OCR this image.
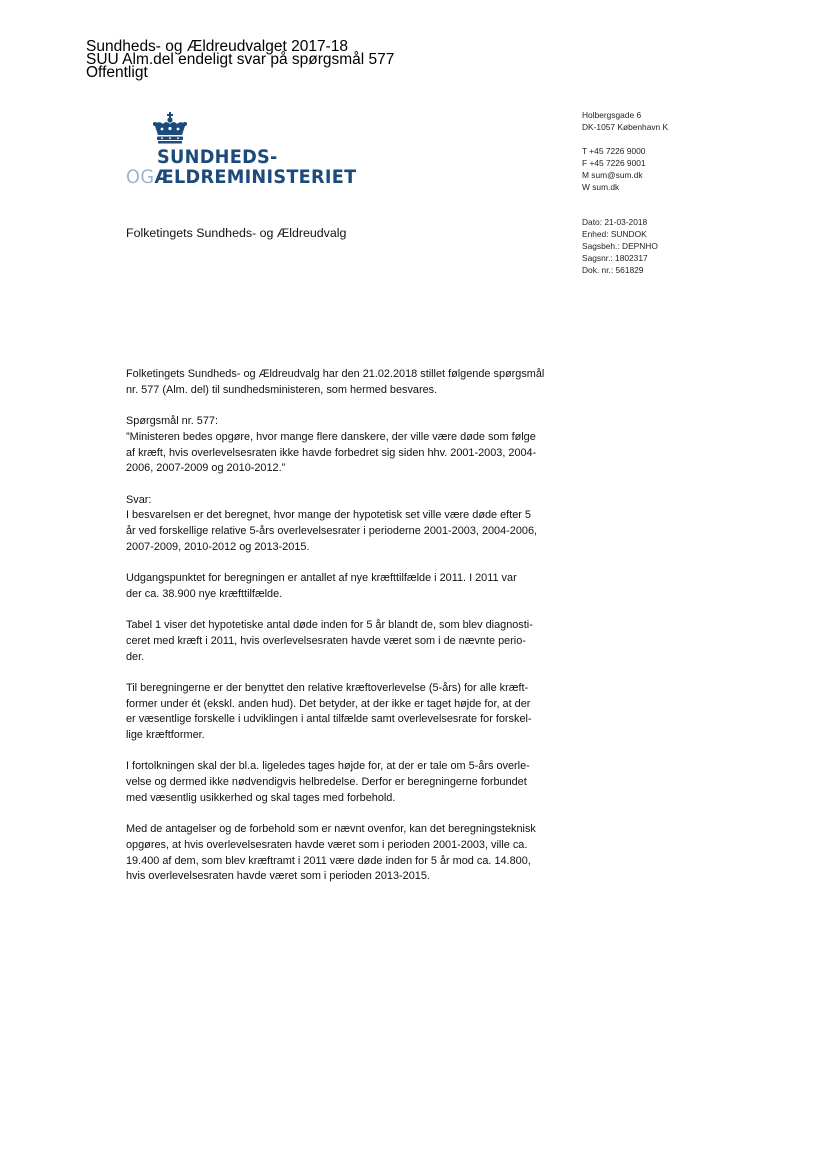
Sundheds- og Ældreudvalget 2017-18
SUU Alm.del endeligt svar på spørgsmål 577
Offentligt
SUNDHEDS-
OGÆLDREMINISTERIET
Holbergsgade 6
DK-1057 København K
T +45 7226 9000
F +45 7226 9001
M sum@sum.dk
W sum.dk
Dato: 21-03-2018
Enhed: SUNDOK
Sagsbeh.: DEPNHO
Sagsnr.: 1802317
Dok. nr.: 561829
Folketingets Sundheds- og Ældreudvalg

Folketingets Sundheds- og Ældreudvalg har den 21.02.2018 stillet følgende spørgsmål
nr. 577 (Alm. del) til sundhedsministeren, som hermed besvares.

Spørgsmål nr. 577:
”Ministeren bedes opgøre, hvor mange flere danskere, der ville være døde som følge
af kræft, hvis overlevelsesraten ikke havde forbedret sig siden hhv. 2001-2003, 2004-
2006, 2007-2009 og 2010-2012.”

Svar:
I besvarelsen er det beregnet, hvor mange der hypotetisk set ville være døde efter 5
år ved forskellige relative 5-års overlevelsesrater i perioderne 2001-2003, 2004-2006,
2007-2009, 2010-2012 og 2013-2015.

Udgangspunktet for beregningen er antallet af nye kræfttilfælde i 2011. I 2011 var
der ca. 38.900 nye kræfttilfælde.

Tabel 1 viser det hypotetiske antal døde inden for 5 år blandt de, som blev diagnosti-
ceret med kræft i 2011, hvis overlevelsesraten havde været som i de nævnte perio-
der.

Til beregningerne er der benyttet den relative kræftoverlevelse (5-års) for alle kræft-
former under ét (ekskl. anden hud). Det betyder, at der ikke er taget højde for, at der
er væsentlige forskelle i udviklingen i antal tilfælde samt overlevelsesrate for forskel-
lige kræftformer.

I fortolkningen skal der bl.a. ligeledes tages højde for, at der er tale om 5-års overle-
velse og dermed ikke nødvendigvis helbredelse. Derfor er beregningerne forbundet
med væsentlig usikkerhed og skal tages med forbehold.

Med de antagelser og de forbehold som er nævnt ovenfor, kan det beregningsteknisk
opgøres, at hvis overlevelsesraten havde været som i perioden 2001-2003, ville ca.
19.400 af dem, som blev kræftramt i 2011 være døde inden for 5 år mod ca. 14.800,
hvis overlevelsesraten havde været som i perioden 2013-2015.
